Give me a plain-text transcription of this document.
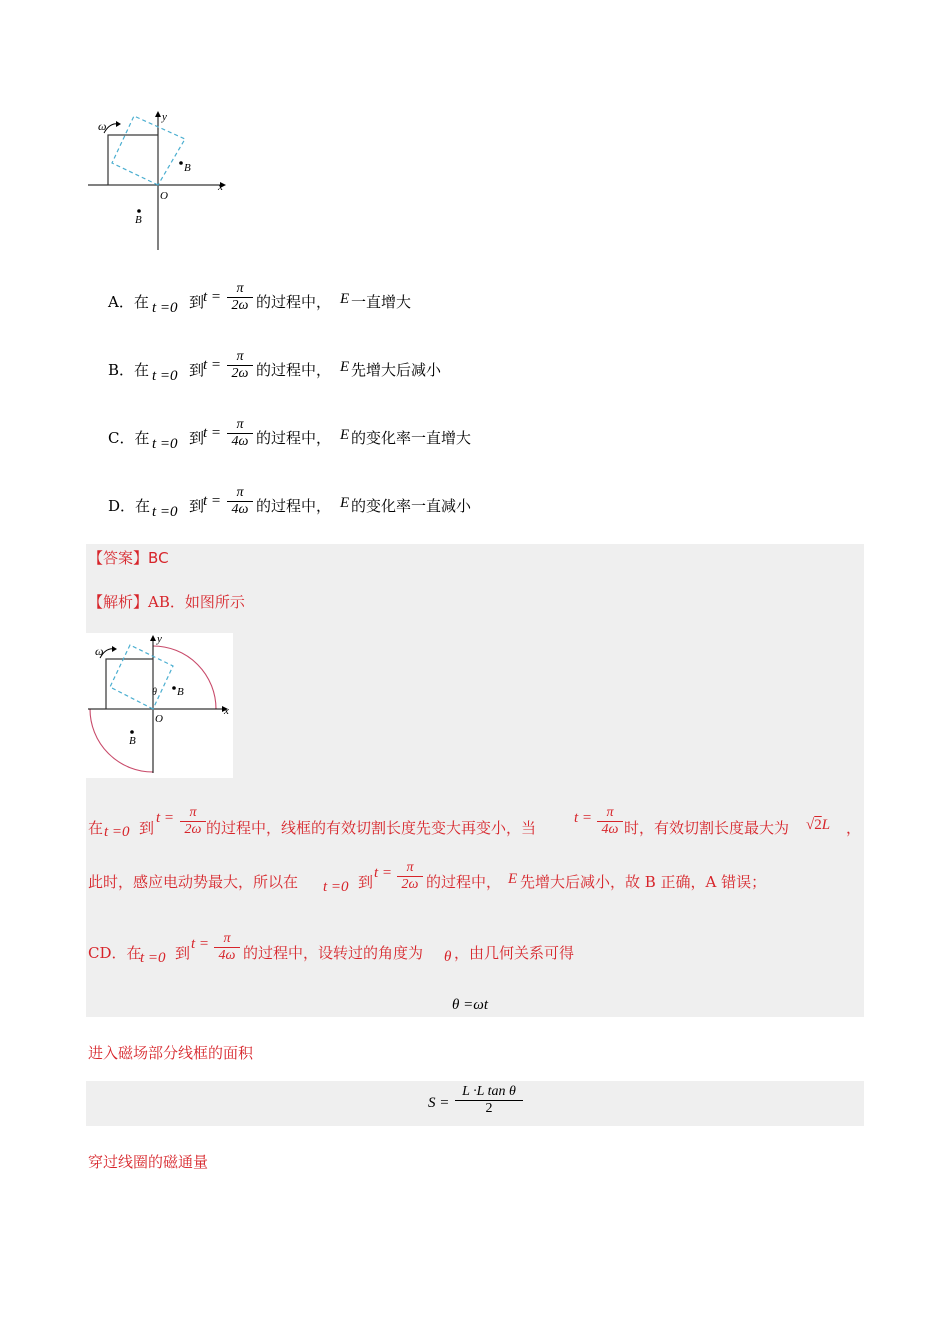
ω
y
x
O
B
B
A．在 t =0 到
t =
π
2ω 的过程中， E 一直增大
B．在 t =0 到
t =
π
2ω 的过程中， E 先增大后减小
C．在 t =0 到
t =
π
4ω 的过程中， E 的变化率一直增大
D．在 t =0 到
t =
π
4ω 的过程中， E 的变化率一直减小
【答案】BC
【解析】AB．如图所示
ω
y
x
O
θ B
B
在 t =0 到
t =	π
2ω 的过程中，线框的有效切割长度先变大再变小，当
t =	π
4ω 时，有效切割长度最大为 √2L ，
此时，感应电动势最大，所以在 t =0 到 t =	π
2ω 的过程中， E 先增大后减小，故 B 正确，A 错误；
CD．在
t =0 到 t =	π
4ω 的过程中，设转过的角度为 θ ，由几何关系可得
θ =ωt
进入磁场部分线框的面积
S =
L ·L tan θ
2
穿过线圈的磁通量
